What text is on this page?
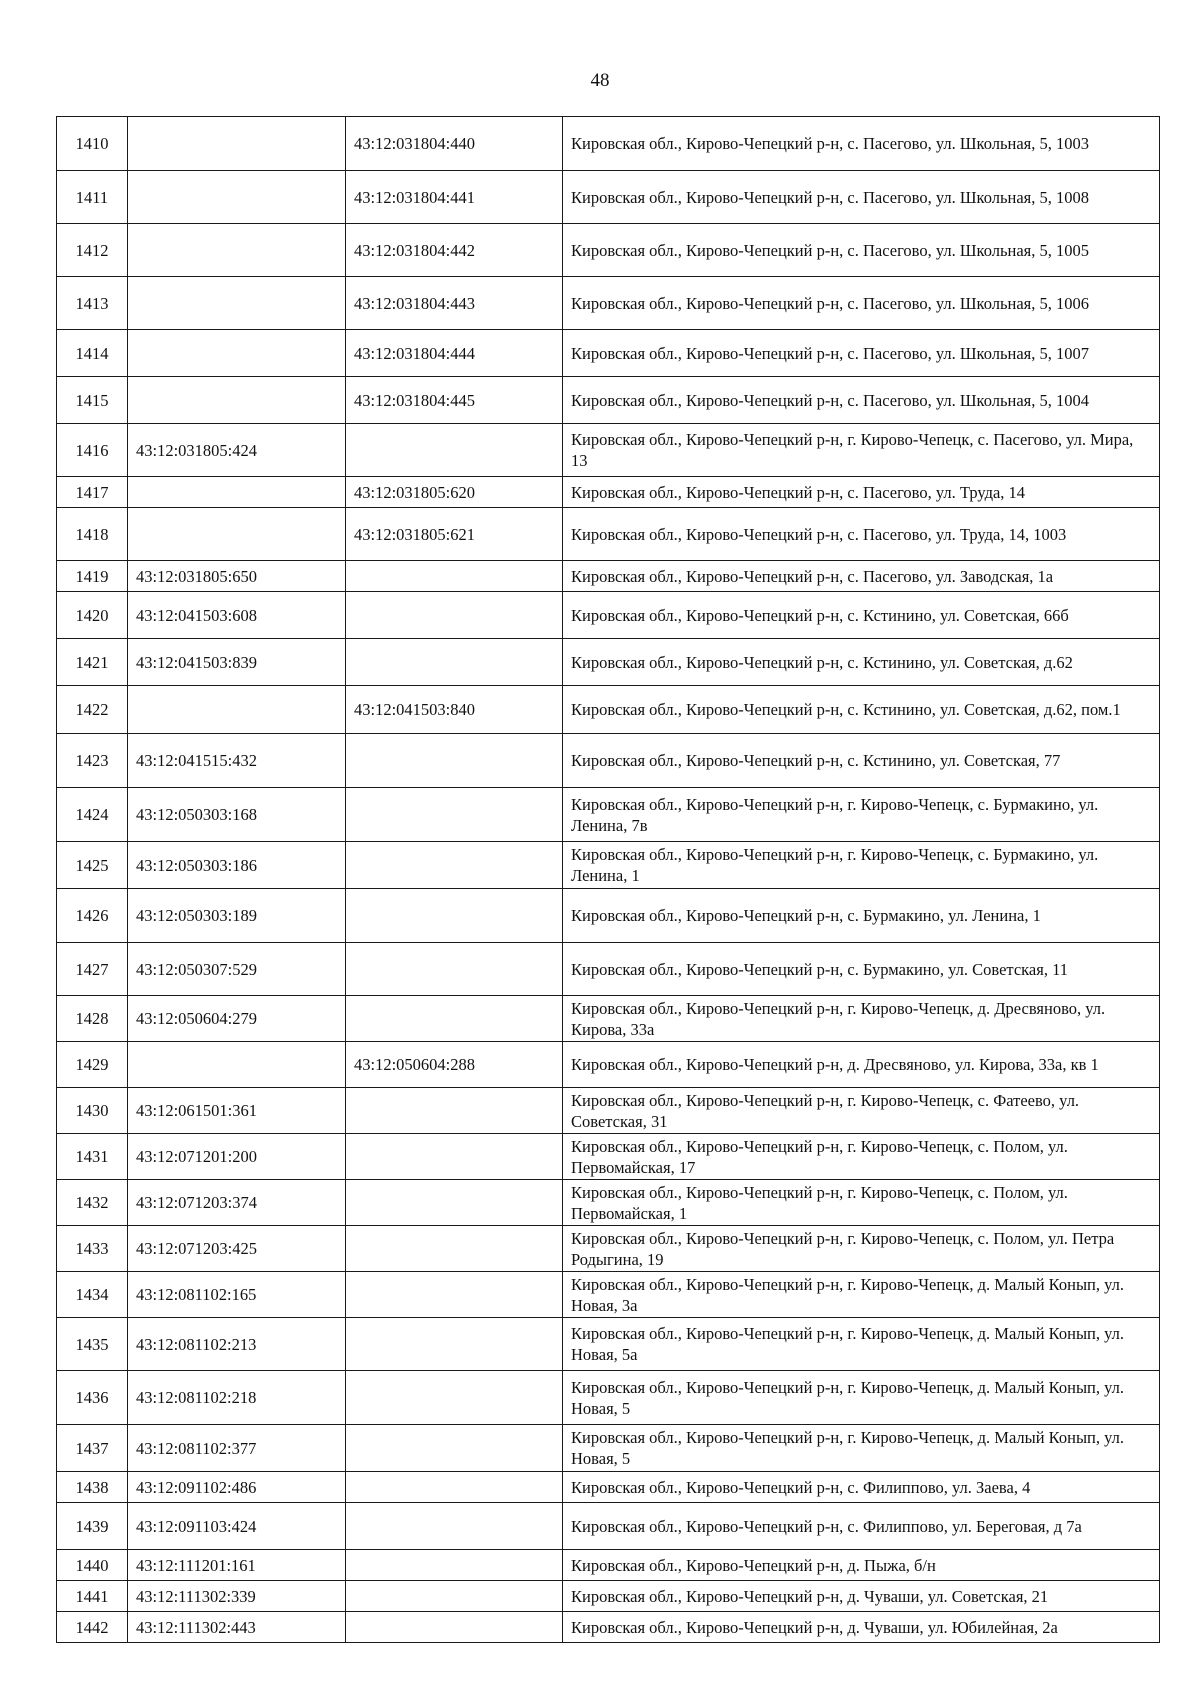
48
1410		43:12:031804:440	Кировская обл., Кирово-Чепецкий р-н, с. Пасегово, ул. Школьная, 5, 1003
1411		43:12:031804:441	Кировская обл., Кирово-Чепецкий р-н, с. Пасегово, ул. Школьная, 5, 1008
1412		43:12:031804:442	Кировская обл., Кирово-Чепецкий р-н, с. Пасегово, ул. Школьная, 5, 1005
1413		43:12:031804:443	Кировская обл., Кирово-Чепецкий р-н, с. Пасегово, ул. Школьная, 5, 1006
1414		43:12:031804:444	Кировская обл., Кирово-Чепецкий р-н, с. Пасегово, ул. Школьная, 5, 1007
1415		43:12:031804:445	Кировская обл., Кирово-Чепецкий р-н, с. Пасегово, ул. Школьная, 5, 1004
1416	43:12:031805:424		Кировская обл., Кирово-Чепецкий р-н, г. Кирово-Чепецк, с. Пасегово, ул. Мира, 13
1417		43:12:031805:620	Кировская обл., Кирово-Чепецкий р-н, с. Пасегово, ул. Труда, 14
1418		43:12:031805:621	Кировская обл., Кирово-Чепецкий р-н, с. Пасегово, ул. Труда, 14, 1003
1419	43:12:031805:650		Кировская обл., Кирово-Чепецкий р-н, с. Пасегово, ул. Заводская, 1а
1420	43:12:041503:608		Кировская обл., Кирово-Чепецкий р-н, с. Кстинино, ул. Советская, 66б
1421	43:12:041503:839		Кировская обл., Кирово-Чепецкий р-н, с. Кстинино, ул. Советская, д.62
1422		43:12:041503:840	Кировская обл., Кирово-Чепецкий р-н, с. Кстинино, ул. Советская, д.62, пом.1
1423	43:12:041515:432		Кировская обл., Кирово-Чепецкий р-н, с. Кстинино, ул. Советская, 77
1424	43:12:050303:168		Кировская обл., Кирово-Чепецкий р-н, г. Кирово-Чепецк, с. Бурмакино, ул. Ленина, 7в
1425	43:12:050303:186		Кировская обл., Кирово-Чепецкий р-н, г. Кирово-Чепецк, с. Бурмакино, ул. Ленина, 1
1426	43:12:050303:189		Кировская обл., Кирово-Чепецкий р-н, с. Бурмакино, ул. Ленина, 1
1427	43:12:050307:529		Кировская обл., Кирово-Чепецкий р-н, с. Бурмакино, ул. Советская, 11
1428	43:12:050604:279		Кировская обл., Кирово-Чепецкий р-н, г. Кирово-Чепецк, д. Дресвяново, ул. Кирова, 33а
1429		43:12:050604:288	Кировская обл., Кирово-Чепецкий р-н, д. Дресвяново, ул. Кирова, 33а, кв 1
1430	43:12:061501:361		Кировская обл., Кирово-Чепецкий р-н, г. Кирово-Чепецк, с. Фатеево, ул. Советская, 31
1431	43:12:071201:200		Кировская обл., Кирово-Чепецкий р-н, г. Кирово-Чепецк, с. Полом, ул. Первомайская, 17
1432	43:12:071203:374		Кировская обл., Кирово-Чепецкий р-н, г. Кирово-Чепецк, с. Полом, ул. Первомайская, 1
1433	43:12:071203:425		Кировская обл., Кирово-Чепецкий р-н, г. Кирово-Чепецк, с. Полом, ул. Петра Родыгина, 19
1434	43:12:081102:165		Кировская обл., Кирово-Чепецкий р-н, г. Кирово-Чепецк, д. Малый Конып, ул. Новая, 3а
1435	43:12:081102:213		Кировская обл., Кирово-Чепецкий р-н, г. Кирово-Чепецк, д. Малый Конып, ул. Новая, 5а
1436	43:12:081102:218		Кировская обл., Кирово-Чепецкий р-н, г. Кирово-Чепецк, д. Малый Конып, ул. Новая, 5
1437	43:12:081102:377		Кировская обл., Кирово-Чепецкий р-н, г. Кирово-Чепецк, д. Малый Конып, ул. Новая, 5
1438	43:12:091102:486		Кировская обл., Кирово-Чепецкий р-н, с. Филиппово, ул. Заева, 4
1439	43:12:091103:424		Кировская обл., Кирово-Чепецкий р-н, с. Филиппово, ул. Береговая, д 7а
1440	43:12:111201:161		Кировская обл., Кирово-Чепецкий р-н, д. Пыжа, б/н
1441	43:12:111302:339		Кировская обл., Кирово-Чепецкий р-н, д. Чуваши, ул. Советская, 21
1442	43:12:111302:443		Кировская обл., Кирово-Чепецкий р-н, д. Чуваши, ул. Юбилейная, 2а
